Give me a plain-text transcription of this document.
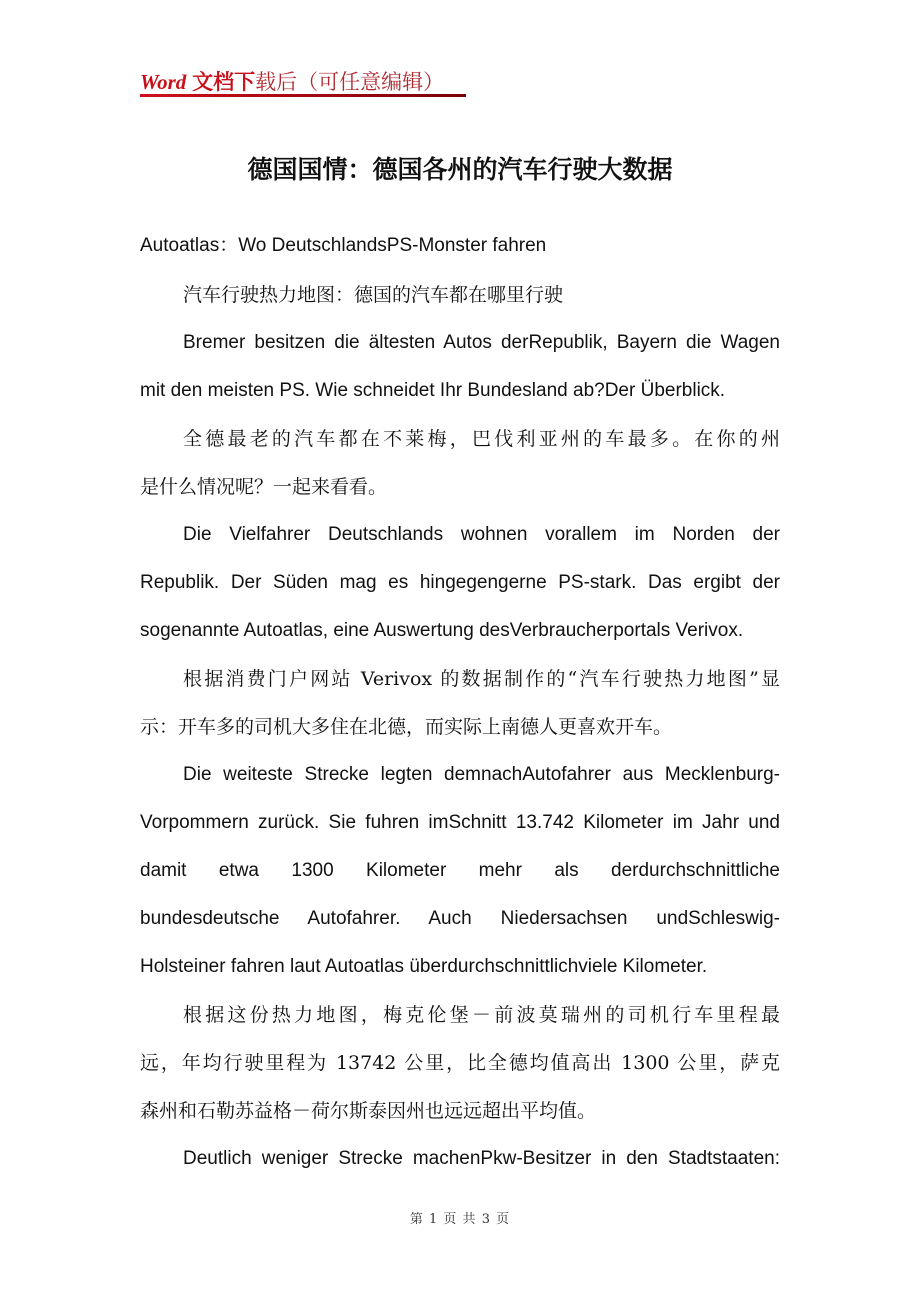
Word 文档下载后（可任意编辑）
德国国情：德国各州的汽车行驶大数据
Autoatlas：Wo DeutschlandsPS-Monster fahren
汽车行驶热力地图：德国的汽车都在哪里行驶
Bremer besitzen die ältesten Autos derRepublik, Bayern die Wagen
mit den meisten PS. Wie schneidet Ihr Bundesland ab?Der Überblick.
全德最老的汽车都在不莱梅，巴伐利亚州的车最多。在你的州
是什么情况呢？一起来看看。
Die Vielfahrer Deutschlands wohnen vorallem im Norden der
Republik. Der Süden mag es hingegengerne PS-stark. Das ergibt der
sogenannte Autoatlas, eine Auswertung desVerbraucherportals Verivox.
根据消费门户网站 Verivox 的数据制作的“汽车行驶热力地图”显
示：开车多的司机大多住在北德，而实际上南德人更喜欢开车。
Die weiteste Strecke legten demnachAutofahrer aus Mecklenburg-
Vorpommern zurück. Sie fuhren imSchnitt 13.742 Kilometer im Jahr und
damit etwa 1300 Kilometer mehr als derdurchschnittliche
bundesdeutsche Autofahrer. Auch Niedersachsen undSchleswig-
Holsteiner fahren laut Autoatlas überdurchschnittlichviele Kilometer.
根据这份热力地图，梅克伦堡－前波莫瑞州的司机行车里程最
远，年均行驶里程为 13742 公里，比全德均值高出 1300 公里，萨克
森州和石勒苏益格－荷尔斯泰因州也远远超出平均值。
Deutlich weniger Strecke machenPkw-Besitzer in den Stadtstaaten:
第 1 页 共 3 页
